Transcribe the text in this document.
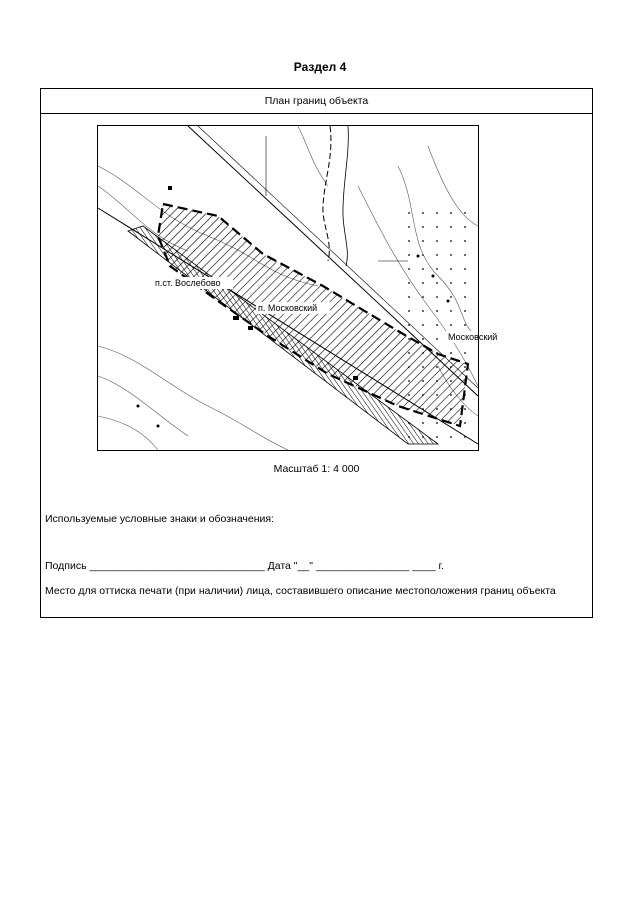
Раздел 4
План границ объекта
п.ст. Вослебово
п. Московский
Московский
Масштаб 1: 4 000
Используемые условные знаки и обозначения:
Подпись ______________________________ Дата "__" ________________ ____ г.
Место для оттиска печати (при наличии) лица, составившего описание местоположения границ объекта
